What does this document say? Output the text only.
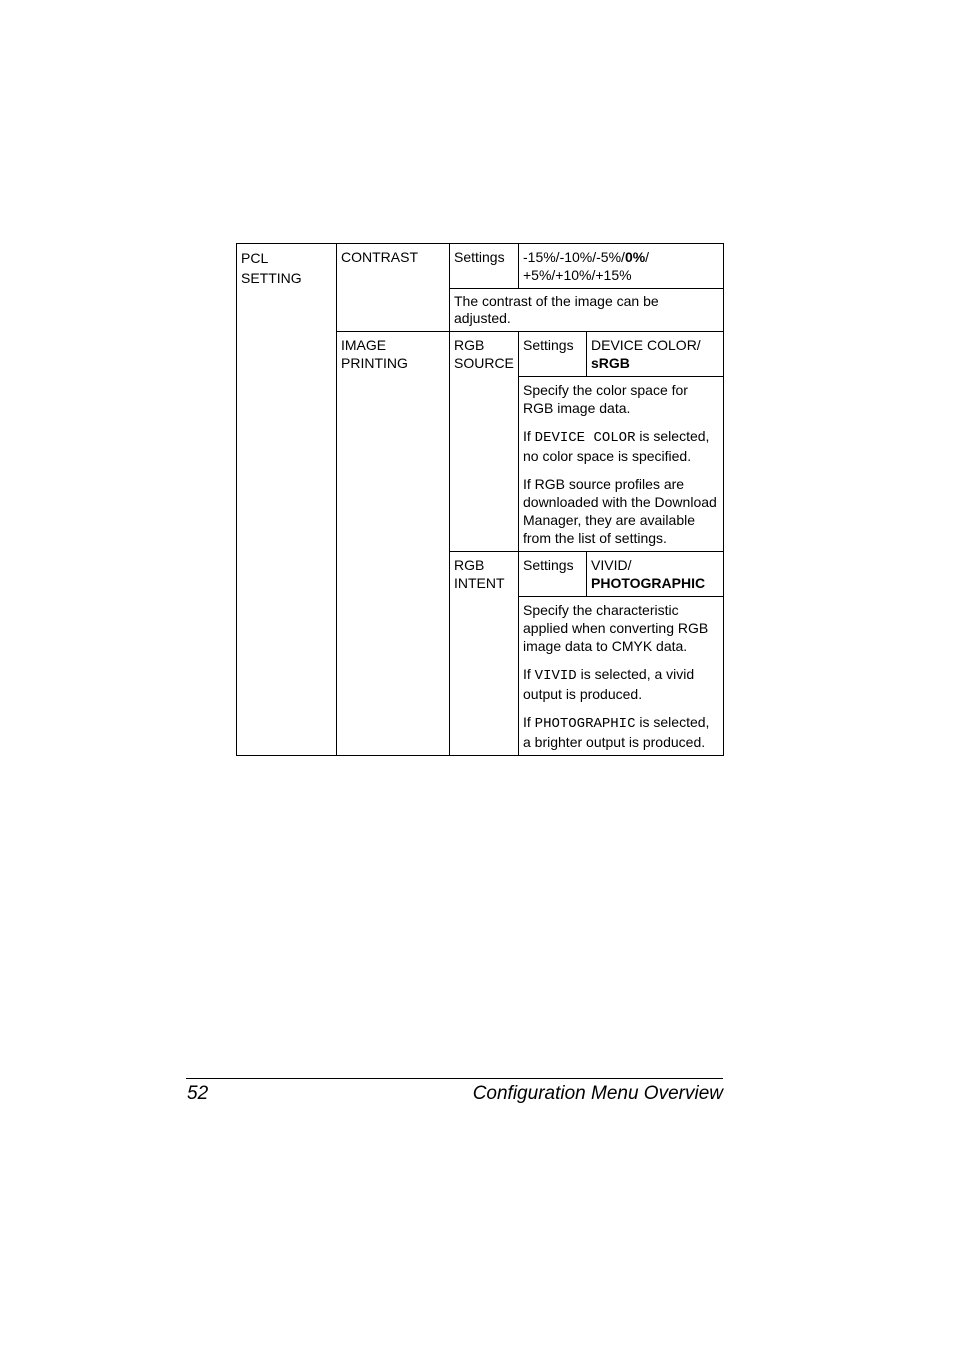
PCL SETTING	CONTRAST	Settings	-15%/-10%/-5%/0%/
+5%/+10%/+15%	
		The contrast of the image can be adjusted.		
	IMAGE PRINTING	RGB SOURCE	Settings	DEVICE COLOR/
sRGB

			Specify the color space for RGB image data.

If DEVICE COLOR is selected, no color space is specified.

If RGB source profiles are downloaded with the Download Manager, they are available from the list of settings.	

		RGB INTENT	Settings	VIVID/
PHOTOGRAPHIC

			Specify the characteristic applied when converting RGB image data to CMYK data.

If VIVID is selected, a vivid output is produced.

If PHOTOGRAPHIC is selected, a brighter output is produced.	

52	Configuration Menu Overview
